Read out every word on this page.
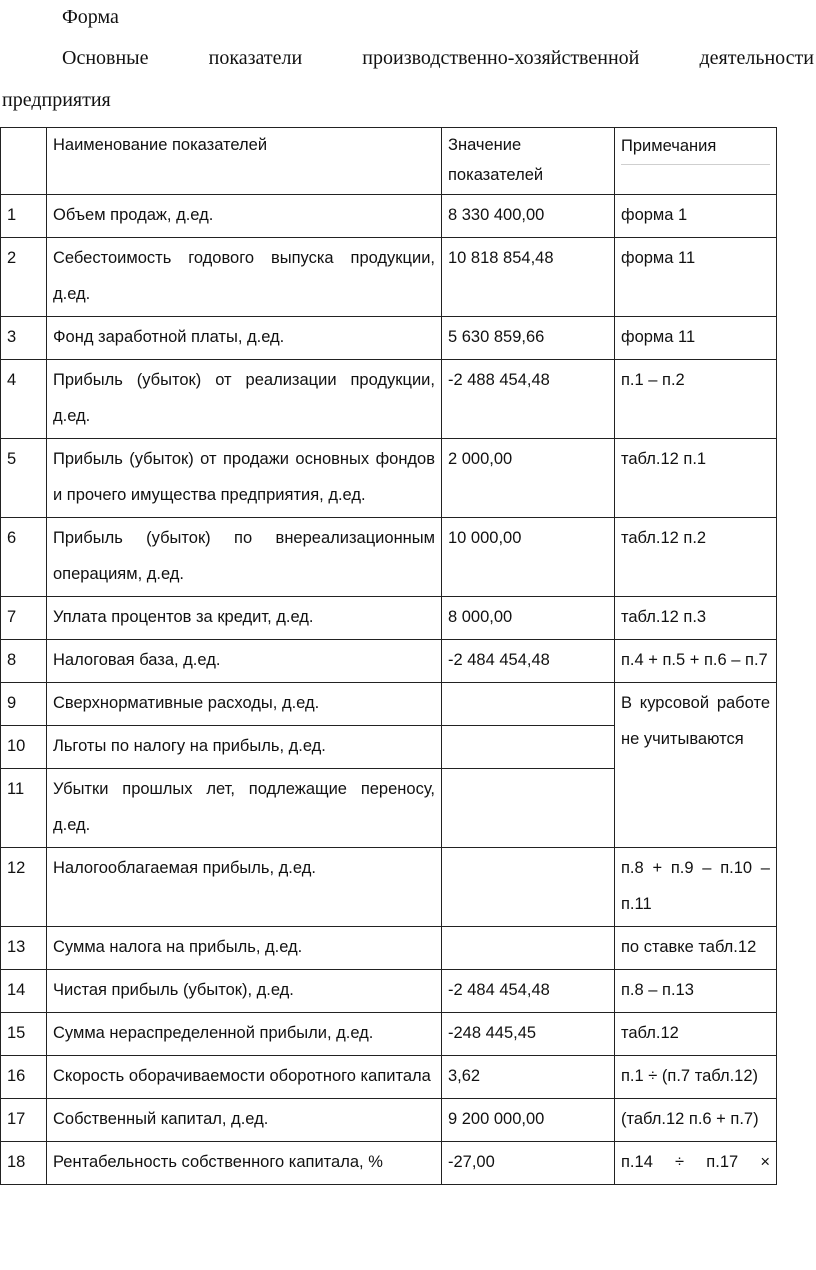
Форма
Основные	показатели	производственно-хозяйственной	деятельности
предприятия
	Наименование показателей	Значение показателей	Примечания
1	Объем продаж, д.ед.	8 330 400,00	форма 1
2	Себестоимость годового выпуска продукции, д.ед.	10 818 854,48	форма 11
3	Фонд заработной платы, д.ед.	5 630 859,66	форма 11
4	Прибыль (убыток) от реализации продукции, д.ед.	-2 488 454,48	п.1 – п.2
5	Прибыль (убыток) от продажи основных фондов и прочего имущества предприятия, д.ед.	2 000,00	табл.12 п.1
6	Прибыль (убыток) по внереализационным операциям, д.ед.	10 000,00	табл.12 п.2
7	Уплата процентов за кредит, д.ед.	8 000,00	табл.12 п.3
8	Налоговая база, д.ед.	-2 484 454,48	п.4 + п.5 + п.6 – п.7
9	Сверхнормативные расходы, д.ед.		В курсовой работе не учитываются
10	Льготы по налогу на прибыль, д.ед.		
11	Убытки прошлых лет, подлежащие переносу, д.ед.		
12	Налогооблагаемая прибыль, д.ед.		п.8 + п.9 – п.10 – п.11
13	Сумма налога на прибыль, д.ед.		по ставке табл.12
14	Чистая прибыль (убыток), д.ед.	-2 484 454,48	п.8 – п.13
15	Сумма нераспределенной прибыли, д.ед.	-248 445,45	табл.12
16	Скорость оборачиваемости оборотного капитала	3,62	п.1 ÷ (п.7 табл.12)
17	Собственный капитал, д.ед.	9 200 000,00	(табл.12 п.6 + п.7)
18	Рентабельность собственного капитала, %	-27,00	п.14 ÷ п.17 ×
